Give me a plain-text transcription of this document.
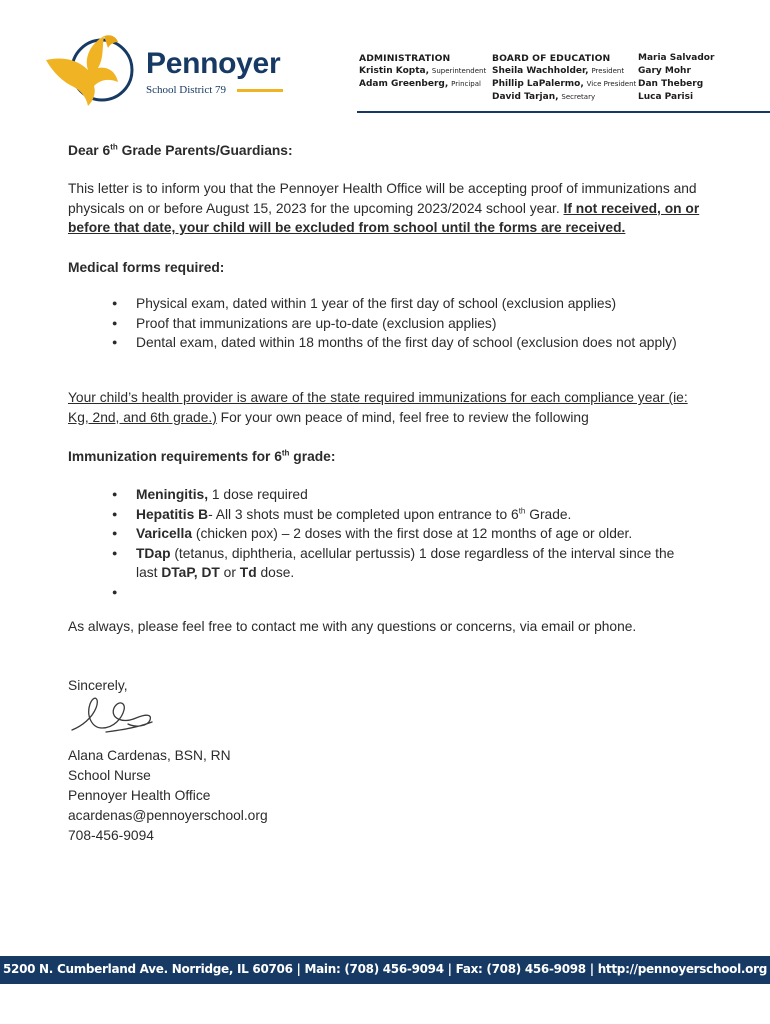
Pennoyer
School District 79
ADMINISTRATION
Kristin Kopta, Superintendent
Adam Greenberg, Principal
BOARD OF EDUCATION
Sheila Wachholder, President
Phillip LaPalermo, Vice President
David Tarjan, Secretary
Maria Salvador
Gary Mohr
Dan Theberg
Luca Parisi
Dear 6th Grade Parents/Guardians:
This letter is to inform you that the Pennoyer Health Office will be accepting proof of immunizations and physicals on or before August 15, 2023 for the upcoming 2023/2024 school year. If not received, on or before that date, your child will be excluded from school until the forms are received.
Medical forms required:
● Physical exam, dated within 1 year of the first day of school (exclusion applies)
● Proof that immunizations are up-to-date (exclusion applies)
● Dental exam, dated within 18 months of the first day of school (exclusion does not apply)
Your child’s health provider is aware of the state required immunizations for each compliance year (ie: Kg, 2nd, and 6th grade.) For your own peace of mind, feel free to review the following
Immunization requirements for 6th grade:
● Meningitis, 1 dose required
● Hepatitis B- All 3 shots must be completed upon entrance to 6th Grade.
● Varicella (chicken pox) – 2 doses with the first dose at 12 months of age or older.
● TDap (tetanus, diphtheria, acellular pertussis) 1 dose regardless of the interval since the last DTaP, DT or Td dose.
●
As always, please feel free to contact me with any questions or concerns, via email or phone.
Sincerely,
Alana Cardenas, BSN, RN
School Nurse
Pennoyer Health Office
acardenas@pennoyerschool.org
708-456-9094
5200 N. Cumberland Ave. Norridge, IL 60706 | Main: (708) 456-9094 | Fax: (708) 456-9098 | http://pennoyerschool.org
